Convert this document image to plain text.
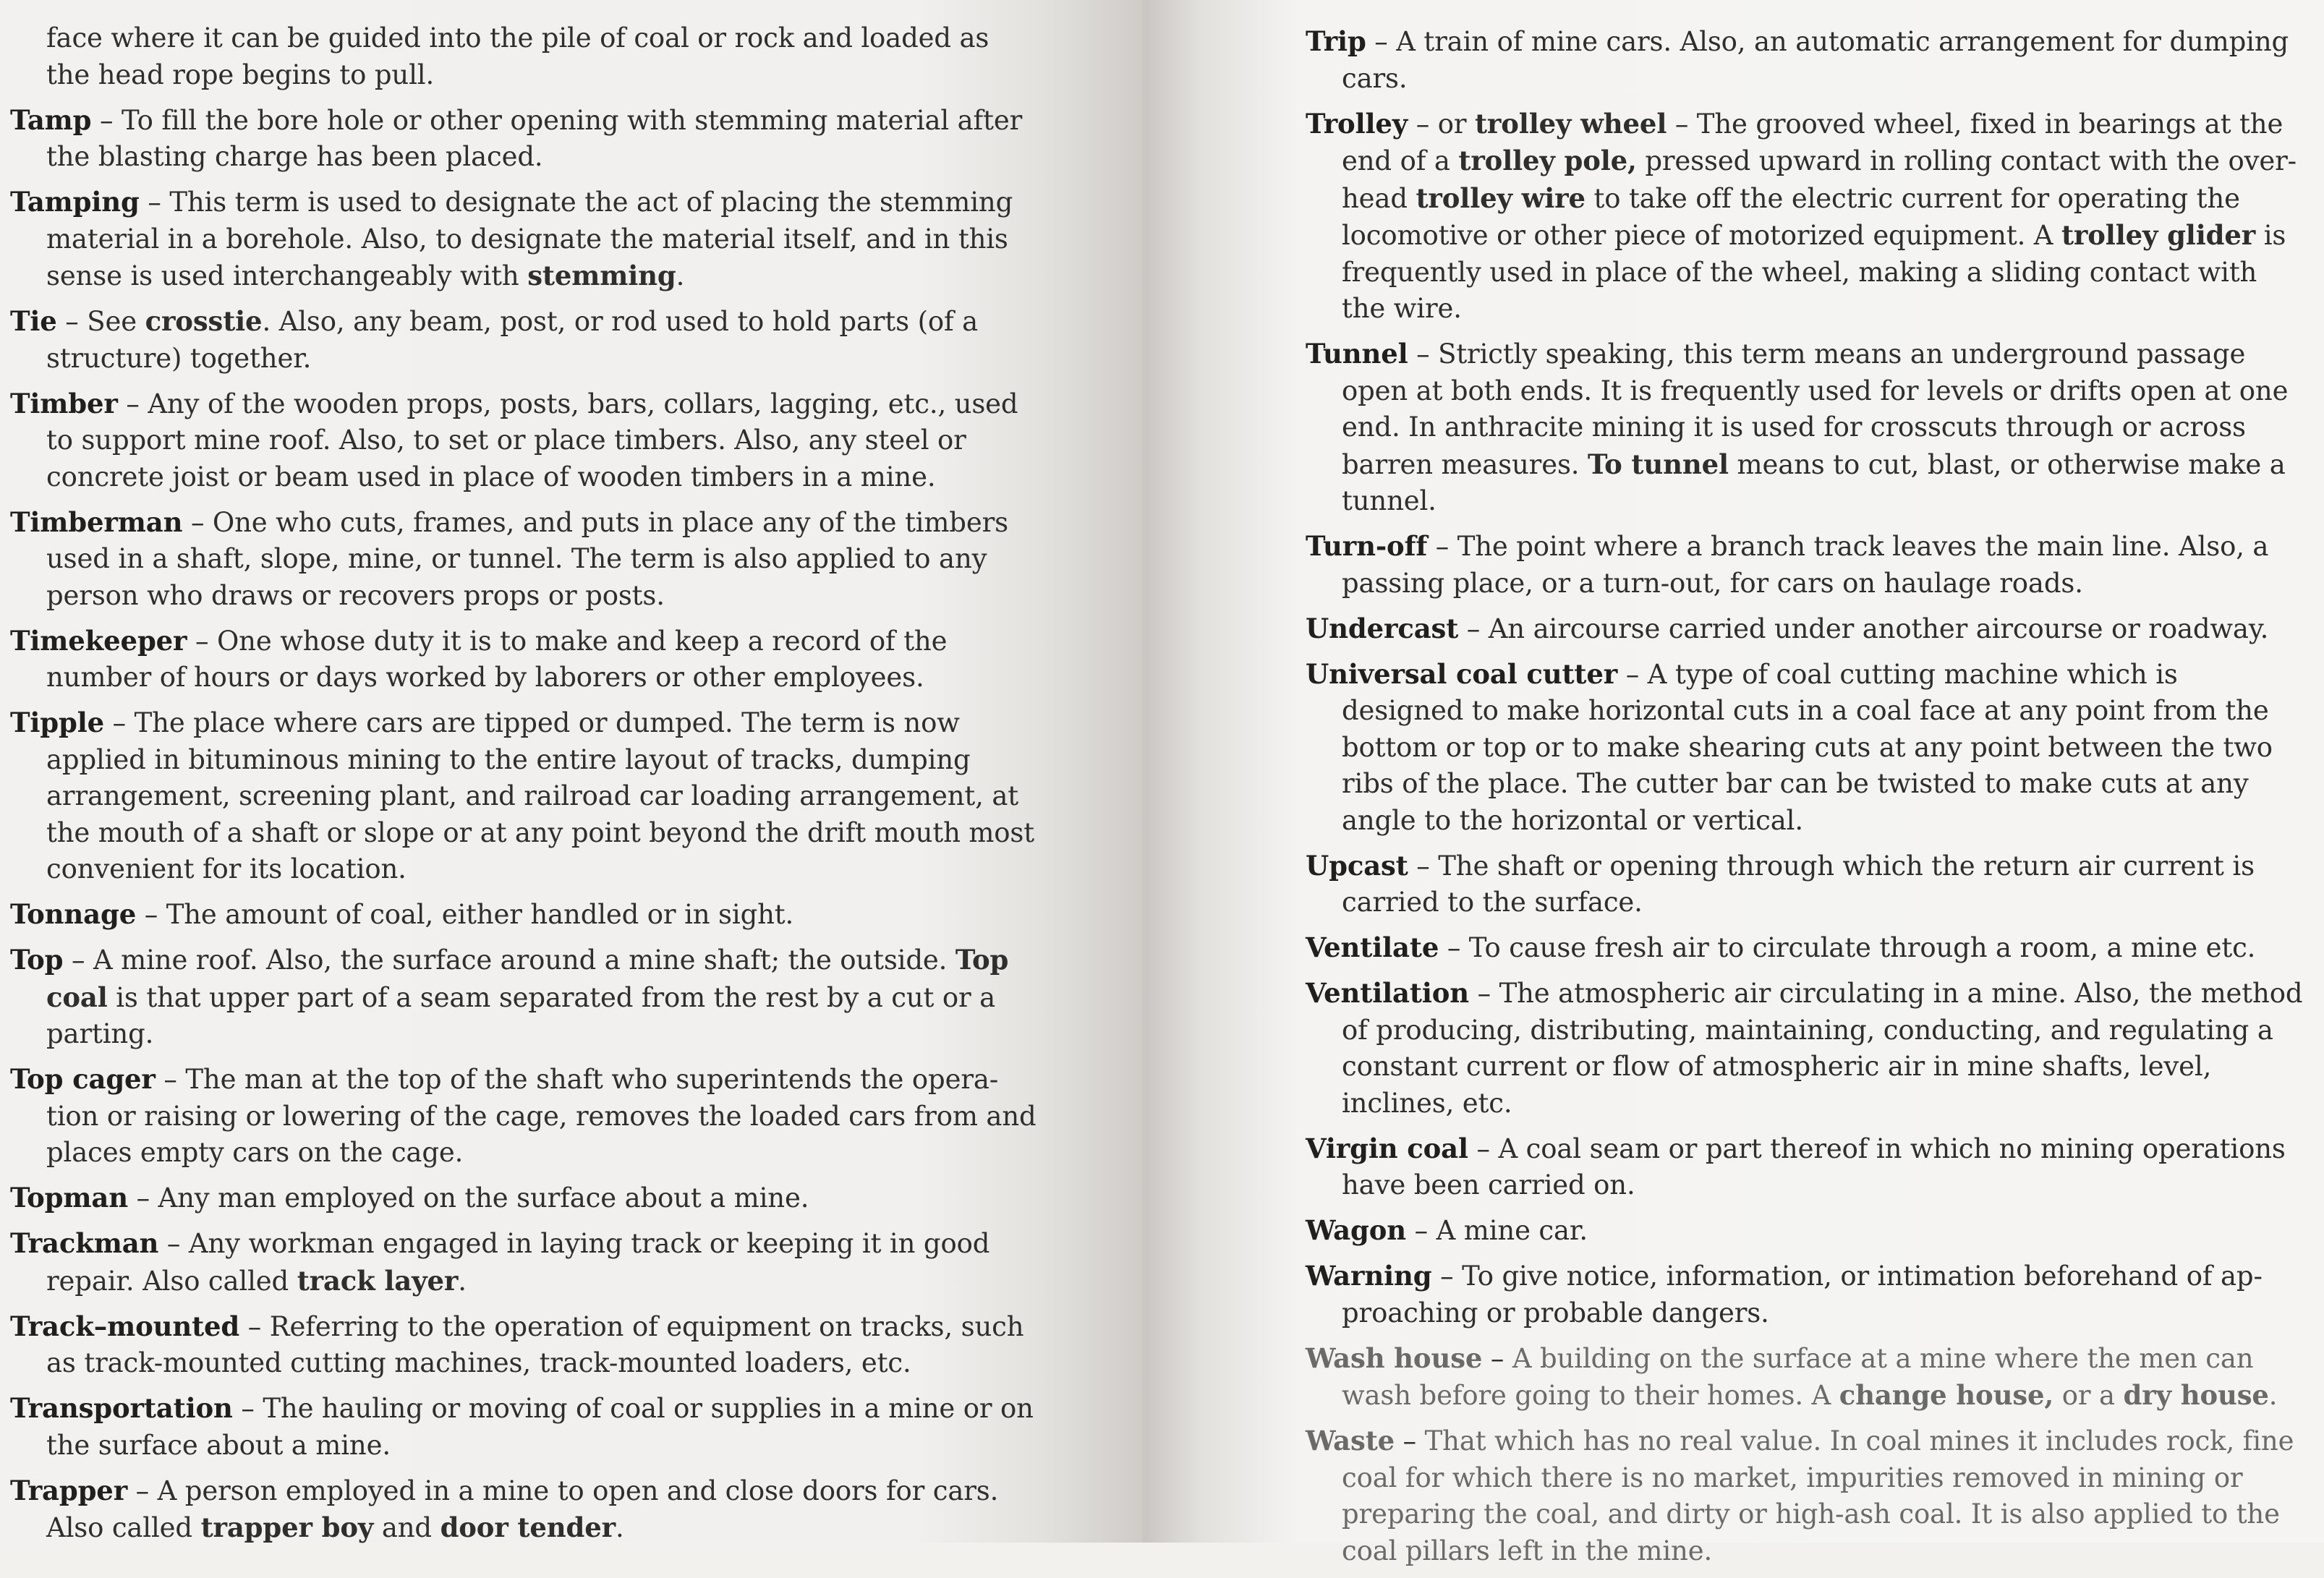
face where it can be guided into the pile of coal or rock and loaded as the head rope begins to pull.

Tamp – To fill the bore hole or other opening with stemming material after the blasting charge has been placed.

Tamping – This term is used to designate the act of placing the stemming material in a borehole. Also, to designate the material itself, and in this sense is used interchangeably with stemming.

Tie – See crosstie. Also, any beam, post, or rod used to hold parts (of a structure) together.

Timber – Any of the wooden props, posts, bars, collars, lagging, etc., used to support mine roof. Also, to set or place timbers. Also, any steel or concrete joist or beam used in place of wooden timbers in a mine.

Timberman – One who cuts, frames, and puts in place any of the timbers used in a shaft, slope, mine, or tunnel. The term is also applied to any person who draws or recovers props or posts.

Timekeeper – One whose duty it is to make and keep a record of the number of hours or days worked by laborers or other employees.

Tipple – The place where cars are tipped or dumped. The term is now applied in bituminous mining to the entire layout of tracks, dumping arrangement, screening plant, and railroad car loading arrangement, at the mouth of a shaft or slope or at any point beyond the drift mouth most convenient for its location.

Tonnage – The amount of coal, either handled or in sight.

Top – A mine roof. Also, the surface around a mine shaft; the outside. Top coal is that upper part of a seam separated from the rest by a cut or a parting.

Top cager – The man at the top of the shaft who superintends the opera-tion or raising or lowering of the cage, removes the loaded cars from and places empty cars on the cage.

Topman – Any man employed on the surface about a mine.

Trackman – Any workman engaged in laying track or keeping it in good repair. Also called track layer.

Track–mounted – Referring to the operation of equipment on tracks, such as track-mounted cutting machines, track-mounted loaders, etc.

Transportation – The hauling or moving of coal or supplies in a mine or on the surface about a mine.

Trapper – A person employed in a mine to open and close doors for cars. Also called trapper boy and door tender.

Trip – A train of mine cars. Also, an automatic arrangement for dumping cars.

Trolley – or trolley wheel – The grooved wheel, fixed in bearings at the end of a trolley pole, pressed upward in rolling contact with the over-head trolley wire to take off the electric current for operating the locomotive or other piece of motorized equipment. A trolley glider is frequently used in place of the wheel, making a sliding contact with the wire.

Tunnel – Strictly speaking, this term means an underground passage open at both ends. It is frequently used for levels or drifts open at one end. In anthracite mining it is used for crosscuts through or across barren measures. To tunnel means to cut, blast, or otherwise make a tunnel.

Turn-off – The point where a branch track leaves the main line. Also, a passing place, or a turn-out, for cars on haulage roads.

Undercast – An aircourse carried under another aircourse or roadway.

Universal coal cutter – A type of coal cutting machine which is designed to make horizontal cuts in a coal face at any point from the bottom or top or to make shearing cuts at any point between the two ribs of the place. The cutter bar can be twisted to make cuts at any angle to the horizontal or vertical.

Upcast – The shaft or opening through which the return air current is carried to the surface.

Ventilate – To cause fresh air to circulate through a room, a mine etc.

Ventilation – The atmospheric air circulating in a mine. Also, the method of producing, distributing, maintaining, conducting, and regulating a constant current or flow of atmospheric air in mine shafts, level, inclines, etc.

Virgin coal – A coal seam or part thereof in which no mining operations have been carried on.

Wagon – A mine car.

Warning – To give notice, information, or intimation beforehand of ap-proaching or probable dangers.

Wash house – A building on the surface at a mine where the men can wash before going to their homes. A change house, or a dry house.

Waste – That which has no real value. In coal mines it includes rock, fine coal for which there is no market, impurities removed in mining or preparing the coal, and dirty or high-ash coal. It is also applied to the coal pillars left in the mine.
